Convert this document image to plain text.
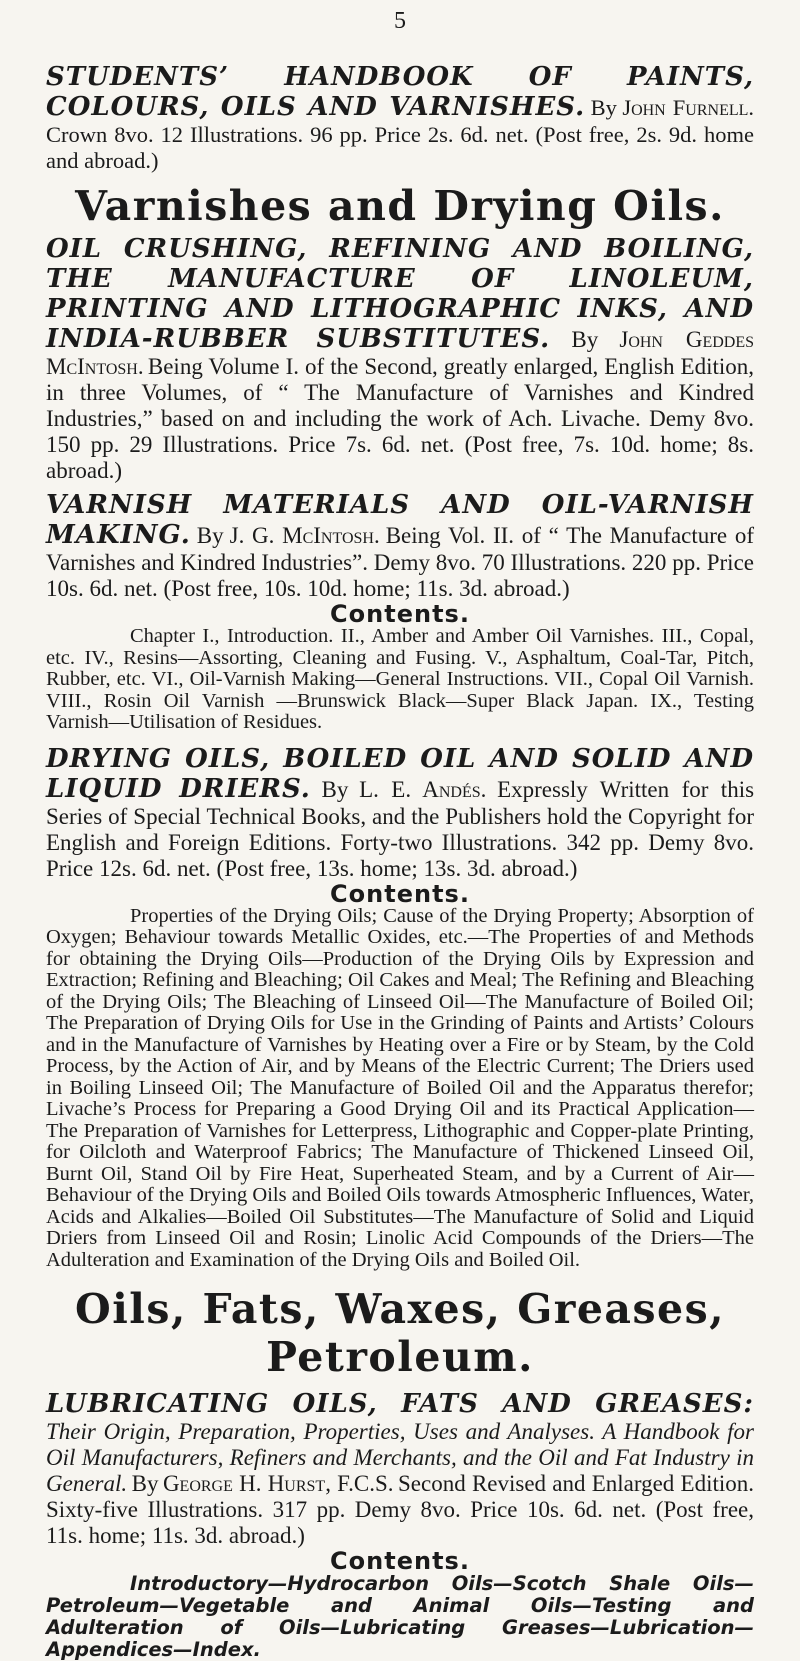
5

STUDENTS’ HANDBOOK OF PAINTS, COLOURS, OILS AND VARNISHES. By John Furnell. Crown 8vo. 12 Illustrations. 96 pp. Price 2s. 6d. net. (Post free, 2s. 9d. home and abroad.)

Varnishes and Drying Oils.

OIL CRUSHING, REFINING AND BOILING, THE MANUFACTURE OF LINOLEUM, PRINTING AND LITHOGRAPHIC INKS, AND INDIA-RUBBER SUBSTITUTES. By John Geddes McIntosh. Being Volume I. of the Second, greatly enlarged, English Edition, in three Volumes, of “ The Manufacture of Varnishes and Kindred Industries,” based on and including the work of Ach. Livache. Demy 8vo. 150 pp. 29 Illustrations. Price 7s. 6d. net. (Post free, 7s. 10d. home; 8s. abroad.)

VARNISH MATERIALS AND OIL-VARNISH MAKING. By J. G. McIntosh. Being Vol. II. of “ The Manufacture of Varnishes and Kindred Industries”. Demy 8vo. 70 Illustrations. 220 pp. Price 10s. 6d. net. (Post free, 10s. 10d. home; 11s. 3d. abroad.)

Contents.

Chapter I., Introduction. II., Amber and Amber Oil Varnishes. III., Copal, etc. IV., Resins—Assorting, Cleaning and Fusing. V., Asphaltum, Coal-Tar, Pitch, Rubber, etc. VI., Oil-Varnish Making—General Instructions. VII., Copal Oil Varnish. VIII., Rosin Oil Varnish —Brunswick Black—Super Black Japan. IX., Testing Varnish—Utilisation of Residues.

DRYING OILS, BOILED OIL AND SOLID AND LIQUID DRIERS. By L. E. Andés. Expressly Written for this Series of Special Technical Books, and the Publishers hold the Copyright for English and Foreign Editions. Forty-two Illustrations. 342 pp. Demy 8vo. Price 12s. 6d. net. (Post free, 13s. home; 13s. 3d. abroad.)

Contents.

Properties of the Drying Oils; Cause of the Drying Property; Absorption of Oxygen; Behaviour towards Metallic Oxides, etc.—The Properties of and Methods for obtaining the Drying Oils—Production of the Drying Oils by Expression and Extraction; Refining and Bleaching; Oil Cakes and Meal; The Refining and Bleaching of the Drying Oils; The Bleaching of Linseed Oil—The Manufacture of Boiled Oil; The Preparation of Drying Oils for Use in the Grinding of Paints and Artists’ Colours and in the Manufacture of Varnishes by Heating over a Fire or by Steam, by the Cold Process, by the Action of Air, and by Means of the Electric Current; The Driers used in Boiling Linseed Oil; The Manufacture of Boiled Oil and the Apparatus therefor; Livache’s Process for Preparing a Good Drying Oil and its Practical Application—The Preparation of Varnishes for Letterpress, Lithographic and Copper-plate Printing, for Oilcloth and Waterproof Fabrics; The Manufacture of Thickened Linseed Oil, Burnt Oil, Stand Oil by Fire Heat, Superheated Steam, and by a Current of Air—Behaviour of the Drying Oils and Boiled Oils towards Atmospheric Influences, Water, Acids and Alkalies—Boiled Oil Substitutes—The Manufacture of Solid and Liquid Driers from Linseed Oil and Rosin; Linolic Acid Compounds of the Driers—The Adulteration and Examination of the Drying Oils and Boiled Oil.

Oils, Fats, Waxes, Greases,
Petroleum.

LUBRICATING OILS, FATS AND GREASES: Their Origin, Preparation, Properties, Uses and Analyses. A Handbook for Oil Manufacturers, Refiners and Merchants, and the Oil and Fat Industry in General. By George H. Hurst, F.C.S. Second Revised and Enlarged Edition. Sixty-five Illustrations. 317 pp. Demy 8vo. Price 10s. 6d. net. (Post free, 11s. home; 11s. 3d. abroad.)

Contents.

Introductory—Hydrocarbon Oils—Scotch Shale Oils—Petroleum—Vegetable and Animal Oils—Testing and Adulteration of Oils—Lubricating Greases—Lubrication—Appendices—Index.
